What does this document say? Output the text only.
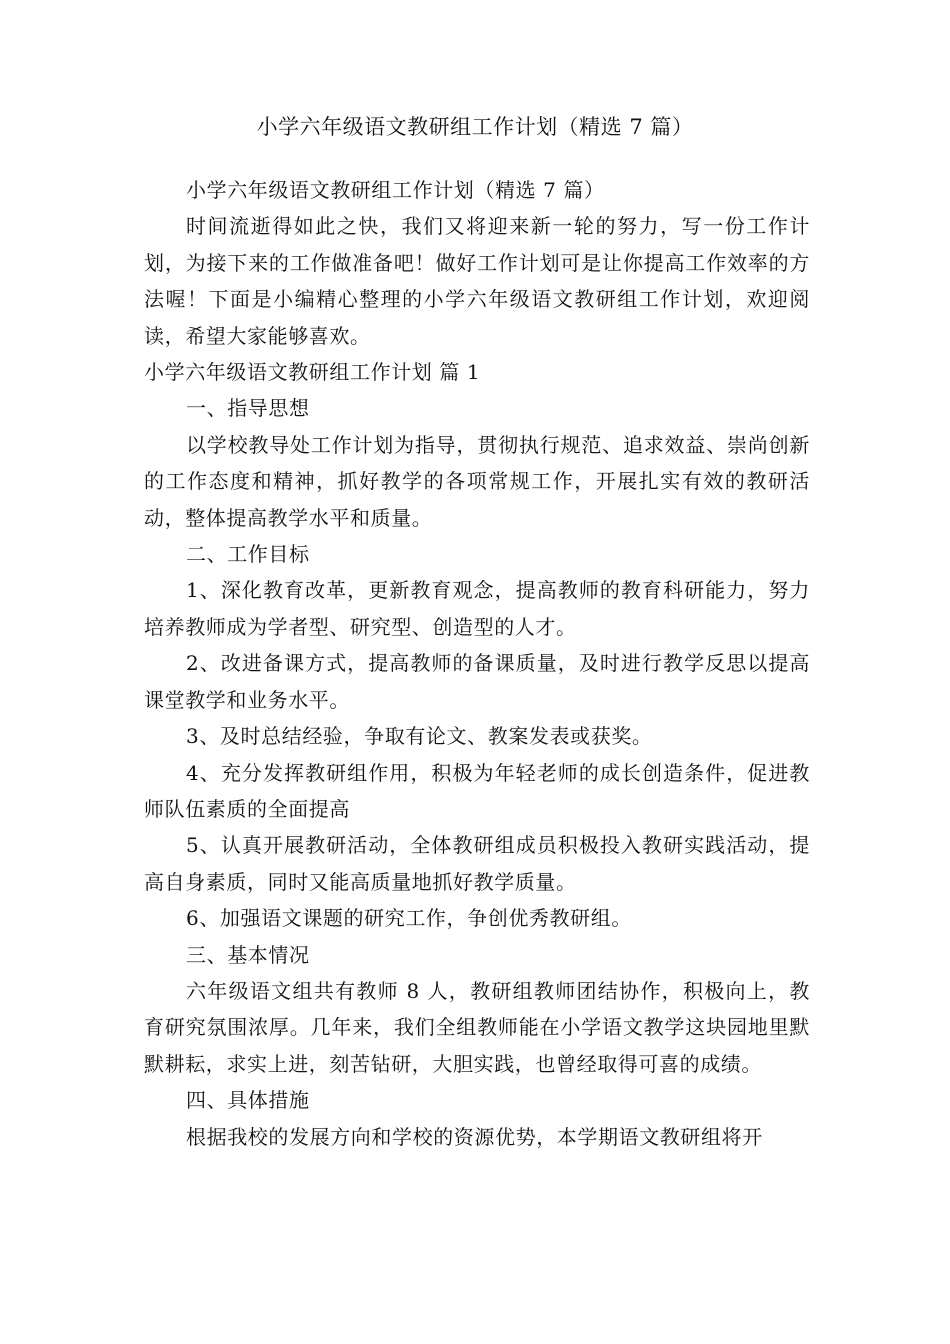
小学六年级语文教研组工作计划（精选 7 篇）

小学六年级语文教研组工作计划（精选 7 篇）

时间流逝得如此之快，我们又将迎来新一轮的努力，写一份工作计划，为接下来的工作做准备吧！做好工作计划可是让你提高工作效率的方法喔！下面是小编精心整理的小学六年级语文教研组工作计划，欢迎阅读，希望大家能够喜欢。

小学六年级语文教研组工作计划 篇 1

一、指导思想

以学校教导处工作计划为指导，贯彻执行规范、追求效益、崇尚创新的工作态度和精神，抓好教学的各项常规工作，开展扎实有效的教研活动，整体提高教学水平和质量。

二、工作目标

1、深化教育改革，更新教育观念，提高教师的教育科研能力，努力培养教师成为学者型、研究型、创造型的人才。

2、改进备课方式，提高教师的备课质量，及时进行教学反思以提高课堂教学和业务水平。

3、及时总结经验，争取有论文、教案发表或获奖。

4、充分发挥教研组作用，积极为年轻老师的成长创造条件，促进教师队伍素质的全面提高

5、认真开展教研活动，全体教研组成员积极投入教研实践活动，提高自身素质，同时又能高质量地抓好教学质量。

6、加强语文课题的研究工作，争创优秀教研组。

三、基本情况

六年级语文组共有教师 8 人，教研组教师团结协作，积极向上，教育研究氛围浓厚。几年来，我们全组教师能在小学语文教学这块园地里默默耕耘，求实上进，刻苦钻研，大胆实践，也曾经取得可喜的成绩。

四、具体措施

根据我校的发展方向和学校的资源优势，本学期语文教研组将开
